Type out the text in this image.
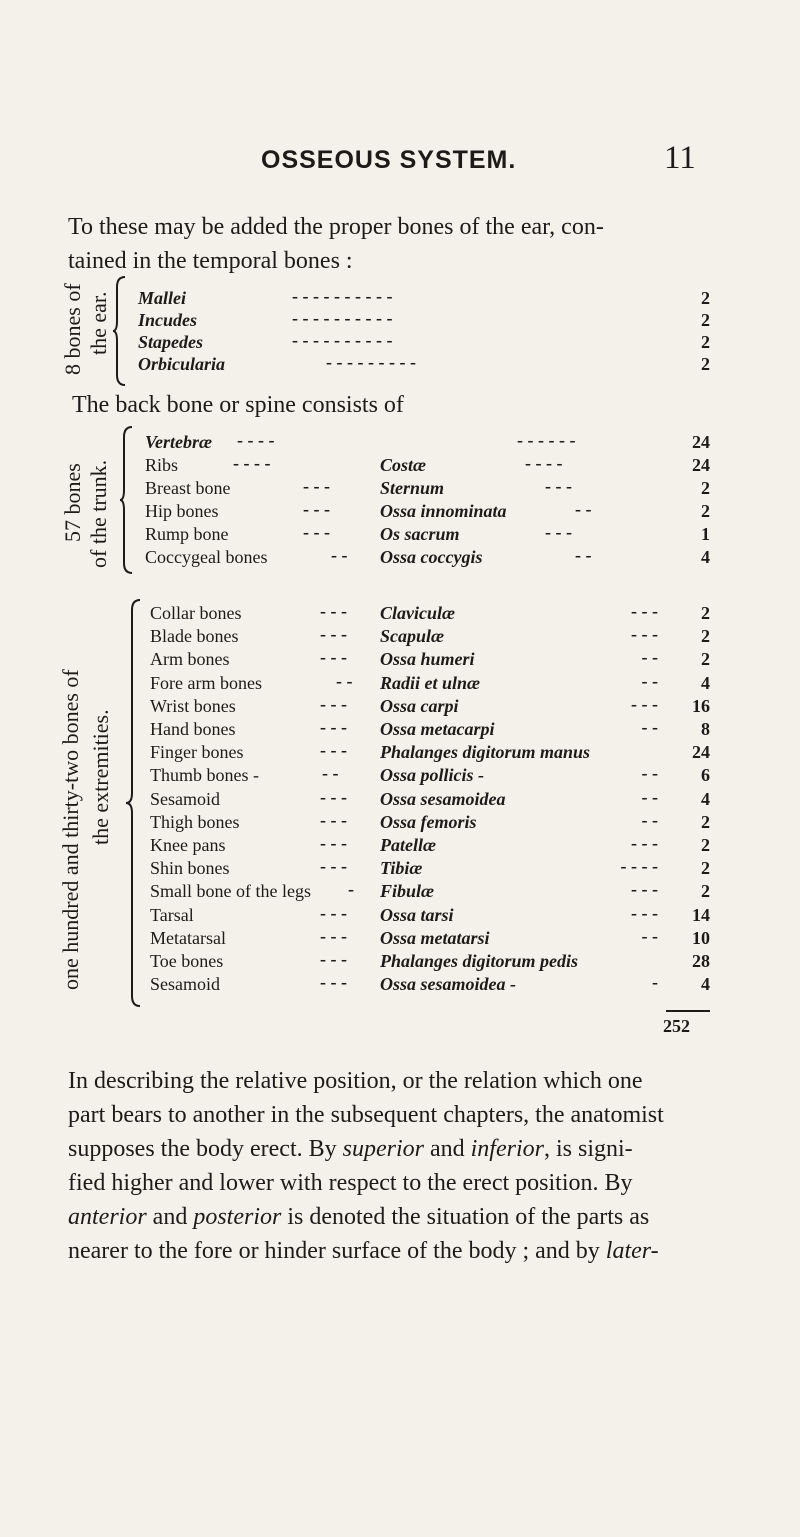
OSSEOUS SYSTEM.	11
To these may be added the proper bones of the ear, con-
tained in the temporal bones :
8 bones of the ear. Mallei	- - - - - - - - - -	2
Incudes	- - - - - - - - - -	2
Stapedes	- - - - - - - - - -	2
Orbicularia	- - - - - - - - -	2
The back bone or spine consists of
57 bones of the trunk.
Vertebræ - - - -	- - - - - -	24
Ribs	- - - -	Costæ	- - - -	24
Breast bone	- - -	Sternum	- - -	2
Hip bones	- - -	Ossa innominata	- -	2
Rump bone	- - -	Os sacrum	- - -	1
Coccygeal bones	- - Ossa coccygis	- -	4
one hundred and thirty-two bones of the extremities.
Collar bones	- - - Claviculæ	- - - 2
Blade bones	- - - Scapulæ	- - - 2
Arm bones	- - - Ossa humeri	- - 2
Fore arm bones	- - Radii et ulnæ	- - 4
Wrist bones	- - - Ossa carpi	- - - 16
Hand bones	- - - Ossa metacarpi	- - 8
Finger bones	- - - Phalanges digitorum manus	24
Thumb bones -	- - Ossa pollicis -	- - 6
Sesamoid	- - - Ossa sesamoidea	- - 4
Thigh bones	- - - Ossa femoris	- - 2
Knee pans	- - - Patellæ	- - - 2
Shin bones	- - - Tibiæ	- - - - 2
Small bone of the legs - Fibulæ	- - - 2
Tarsal	- - - Ossa tarsi	- - - 14
Metatarsal	- - - Ossa metatarsi	- - 10
Toe bones	- - - Phalanges digitorum pedis	28
Sesamoid	- - - Ossa sesamoidea -	- 4
252
In describing the relative position, or the relation which one
part bears to another in the subsequent chapters, the anatomist
supposes the body erect. By superior and inferior, is signi-
fied higher and lower with respect to the erect position. By
anterior and posterior is denoted the situation of the parts as
nearer to the fore or hinder surface of the body ; and by later-
